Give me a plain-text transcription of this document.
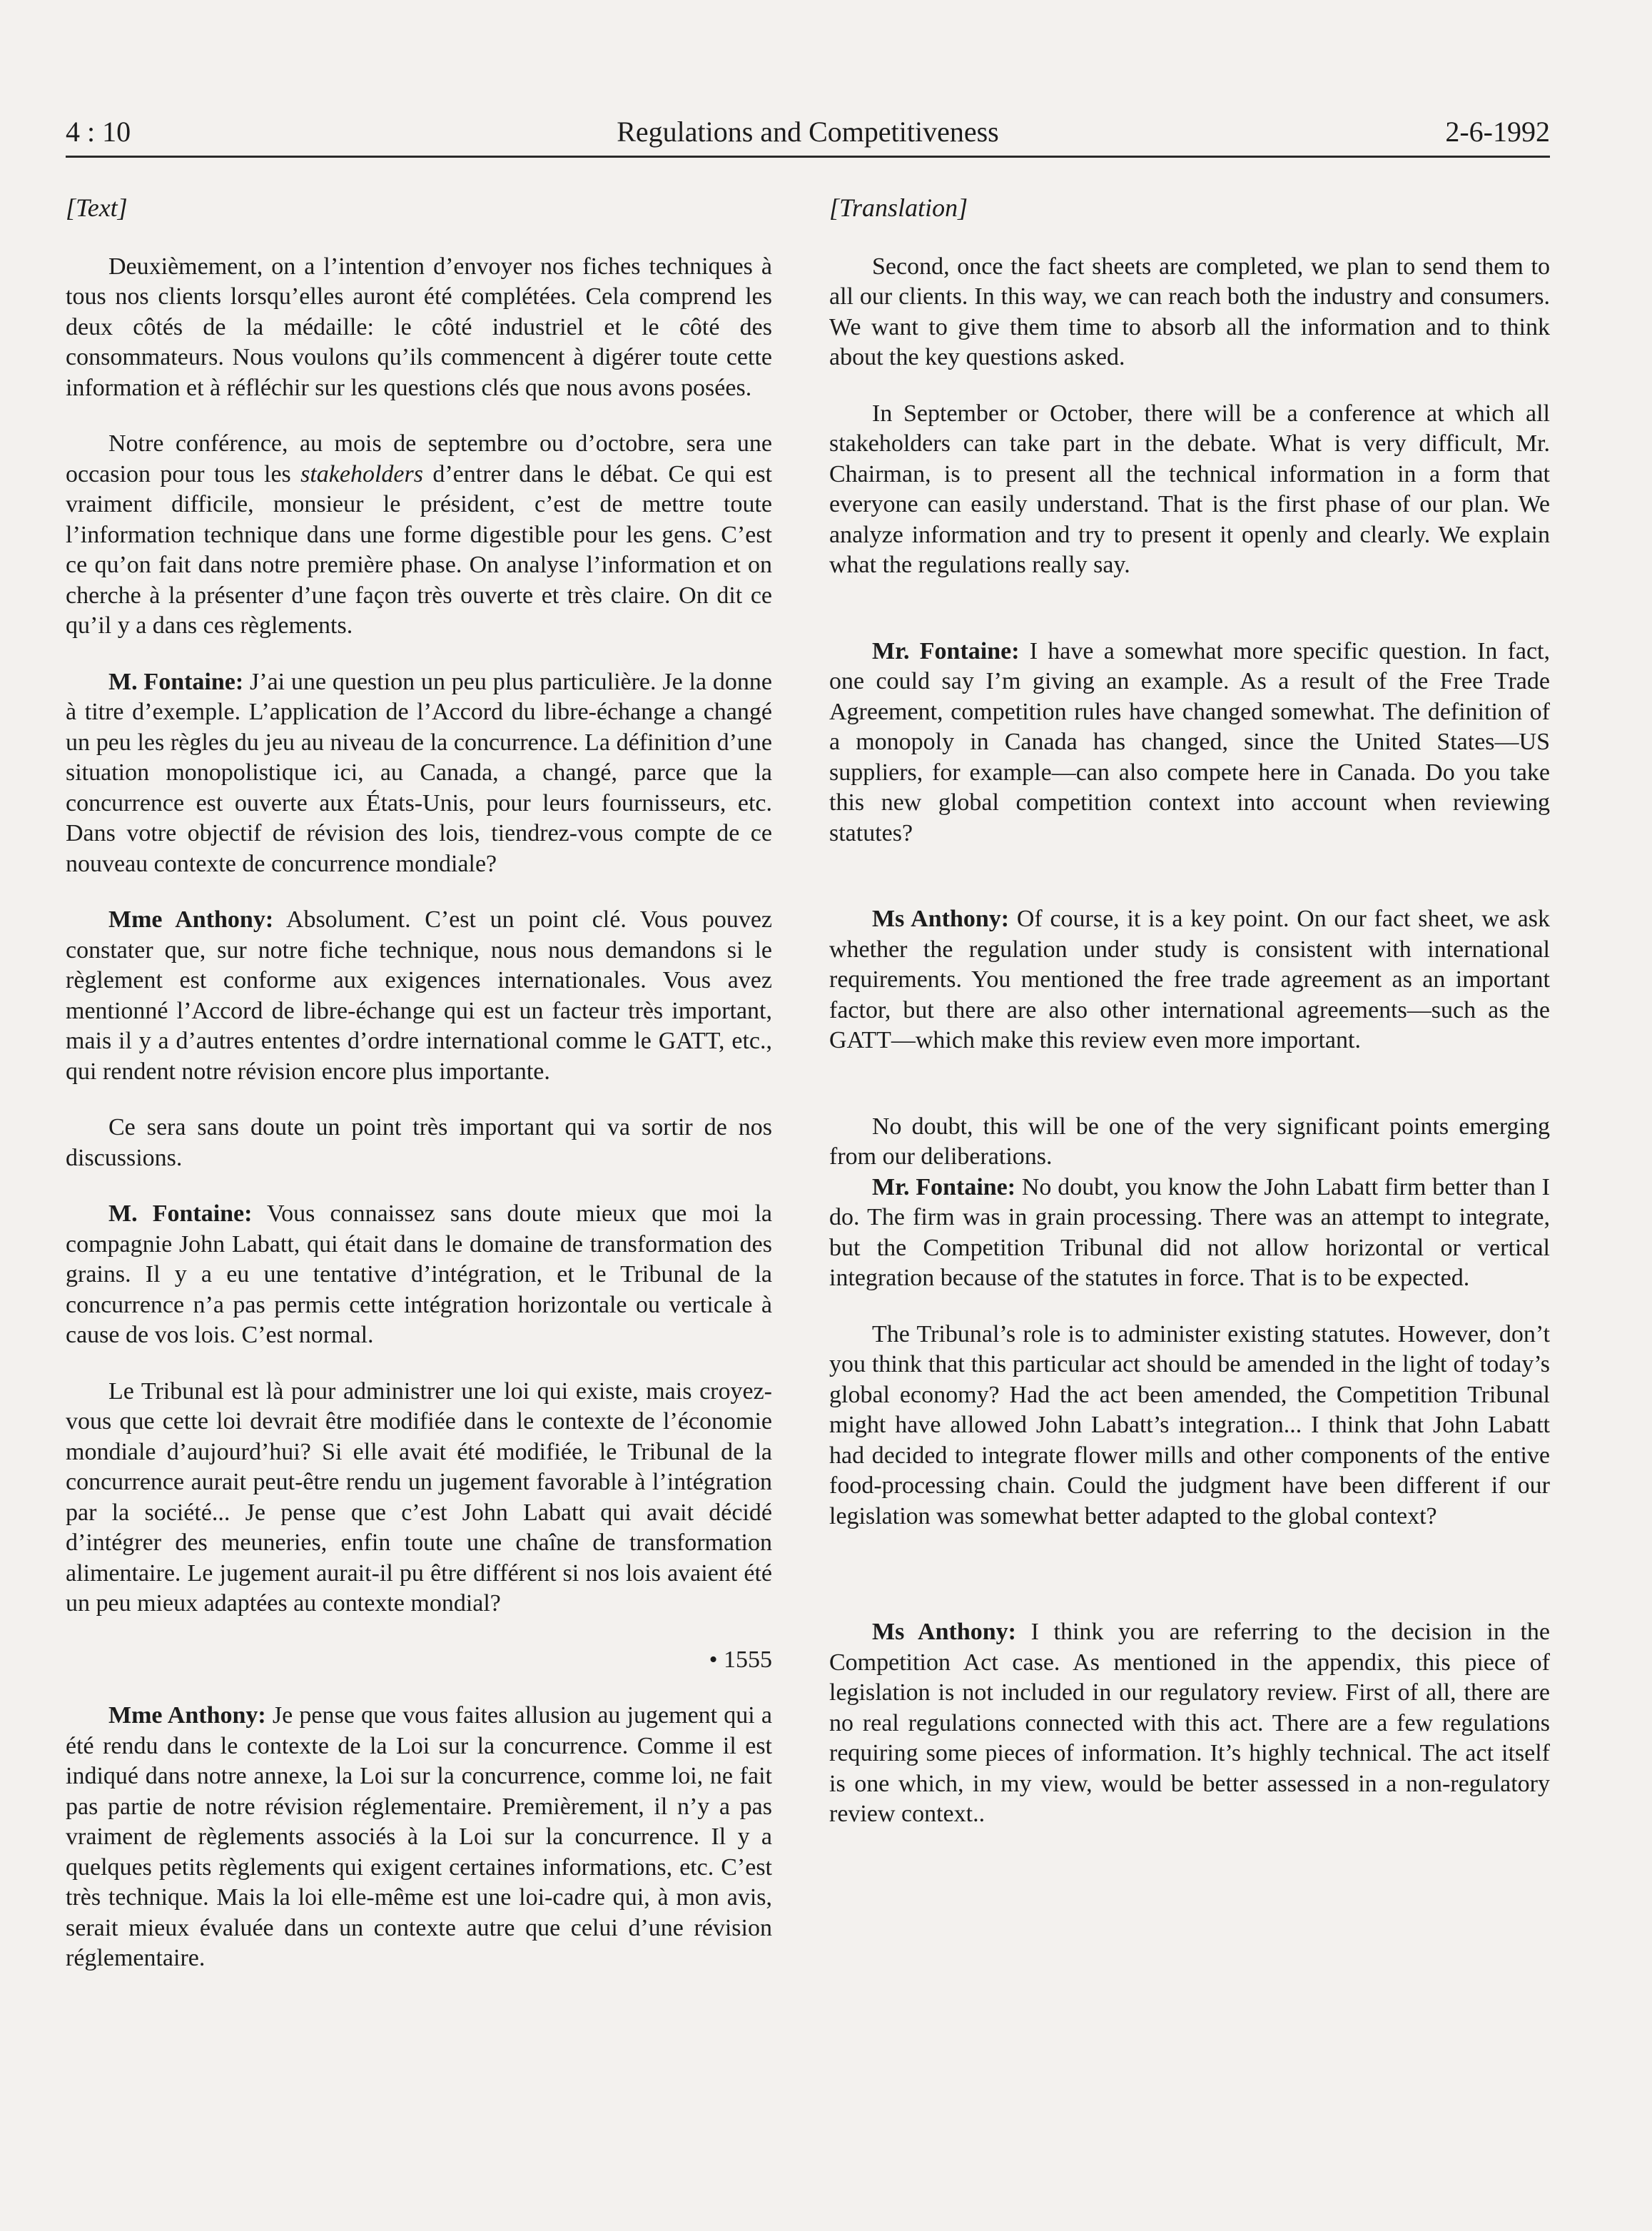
4 : 10	Regulations and Competitiveness	2-6-1992
[Text]

Deuxièmement, on a l’intention d’envoyer nos fiches techniques à tous nos clients lorsqu’elles auront été complétées. Cela comprend les deux côtés de la médaille: le côté industriel et le côté des consommateurs. Nous voulons qu’ils commencent à digérer toute cette information et à réfléchir sur les questions clés que nous avons posées.

Notre conférence, au mois de septembre ou d’octobre, sera une occasion pour tous les stakeholders d’entrer dans le débat. Ce qui est vraiment difficile, monsieur le président, c’est de mettre toute l’information technique dans une forme digestible pour les gens. C’est ce qu’on fait dans notre première phase. On analyse l’information et on cherche à la présenter d’une façon très ouverte et très claire. On dit ce qu’il y a dans ces règlements.

M. Fontaine: J’ai une question un peu plus particulière. Je la donne à titre d’exemple. L’application de l’Accord du libre-échange a changé un peu les règles du jeu au niveau de la concurrence. La définition d’une situation monopolistique ici, au Canada, a changé, parce que la concurrence est ouverte aux États-Unis, pour leurs fournisseurs, etc. Dans votre objectif de révision des lois, tiendrez-vous compte de ce nouveau contexte de concurrence mondiale?

Mme Anthony: Absolument. C’est un point clé. Vous pouvez constater que, sur notre fiche technique, nous nous demandons si le règlement est conforme aux exigences internationales. Vous avez mentionné l’Accord de libre-échange qui est un facteur très important, mais il y a d’autres ententes d’ordre international comme le GATT, etc., qui rendent notre révision encore plus importante.

Ce sera sans doute un point très important qui va sortir de nos discussions.

M. Fontaine: Vous connaissez sans doute mieux que moi la compagnie John Labatt, qui était dans le domaine de transformation des grains. Il y a eu une tentative d’intégration, et le Tribunal de la concurrence n’a pas permis cette intégration horizontale ou verticale à cause de vos lois. C’est normal.

Le Tribunal est là pour administrer une loi qui existe, mais croyez-vous que cette loi devrait être modifiée dans le contexte de l’économie mondiale d’aujourd’hui? Si elle avait été modifiée, le Tribunal de la concurrence aurait peut-être rendu un jugement favorable à l’intégration par la société... Je pense que c’est John Labatt qui avait décidé d’intégrer des meuneries, enfin toute une chaîne de transformation alimentaire. Le jugement aurait-il pu être différent si nos lois avaient été un peu mieux adaptées au contexte mondial?

• 1555

Mme Anthony: Je pense que vous faites allusion au jugement qui a été rendu dans le contexte de la Loi sur la concurrence. Comme il est indiqué dans notre annexe, la Loi sur la concurrence, comme loi, ne fait pas partie de notre révision réglementaire. Premièrement, il n’y a pas vraiment de règlements associés à la Loi sur la concurrence. Il y a quelques petits règlements qui exigent certaines informations, etc. C’est très technique. Mais la loi elle-même est une loi-cadre qui, à mon avis, serait mieux évaluée dans un contexte autre que celui d’une révision réglementaire.

[Translation]

Second, once the fact sheets are completed, we plan to send them to all our clients. In this way, we can reach both the industry and consumers. We want to give them time to absorb all the information and to think about the key questions asked.

In September or October, there will be a conference at which all stakeholders can take part in the debate. What is very difficult, Mr. Chairman, is to present all the technical information in a form that everyone can easily understand. That is the first phase of our plan. We analyze information and try to present it openly and clearly. We explain what the regulations really say.

Mr. Fontaine: I have a somewhat more specific question. In fact, one could say I’m giving an example. As a result of the Free Trade Agreement, competition rules have changed somewhat. The definition of a monopoly in Canada has changed, since the United States—US suppliers, for example—can also compete here in Canada. Do you take this new global competition context into account when reviewing statutes?

Ms Anthony: Of course, it is a key point. On our fact sheet, we ask whether the regulation under study is consistent with international requirements. You mentioned the free trade agreement as an important factor, but there are also other international agreements—such as the GATT—which make this review even more important.

No doubt, this will be one of the very significant points emerging from our deliberations.

Mr. Fontaine: No doubt, you know the John Labatt firm better than I do. The firm was in grain processing. There was an attempt to integrate, but the Competition Tribunal did not allow horizontal or vertical integration because of the statutes in force. That is to be expected.

The Tribunal’s role is to administer existing statutes. However, don’t you think that this particular act should be amended in the light of today’s global economy? Had the act been amended, the Competition Tribunal might have allowed John Labatt’s integration... I think that John Labatt had decided to integrate flower mills and other components of the entive food-processing chain. Could the judgment have been different if our legislation was somewhat better adapted to the global context?

Ms Anthony: I think you are referring to the decision in the Competition Act case. As mentioned in the appendix, this piece of legislation is not included in our regulatory review. First of all, there are no real regulations connected with this act. There are a few regulations requiring some pieces of information. It’s highly technical. The act itself is one which, in my view, would be better assessed in a non-regulatory review context..
